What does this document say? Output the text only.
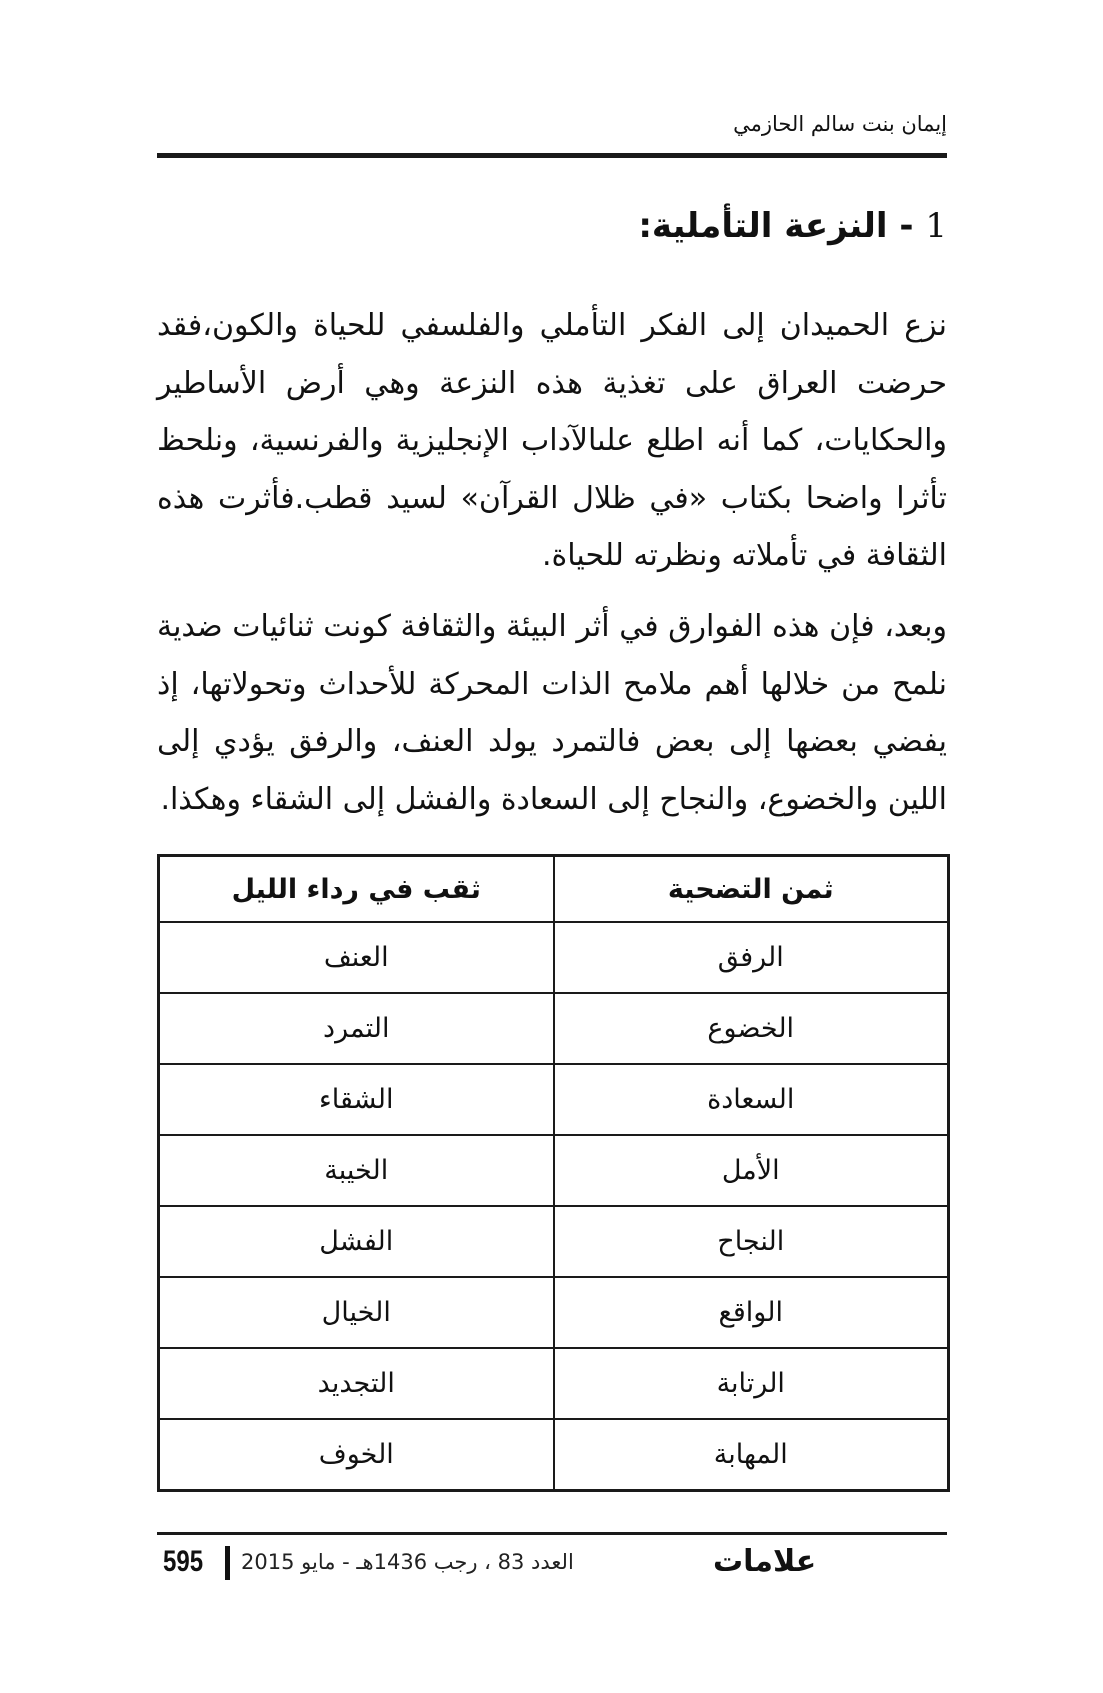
إيمان بنت سالم الحازمي
1 - النزعة التأملية:

نزع الحميدان إلى الفكر التأملي والفلسفي للحياة والكون،فقد حرضت العراق على تغذية هذه النزعة وهي أرض الأساطير والحكايات، كما أنه اطلع علىالآداب الإنجليزية والفرنسية، ونلحظ تأثرا واضحا بكتاب «في ظلال القرآن» لسيد قطب.فأثرت هذه الثقافة في تأملاته ونظرته للحياة.

وبعد، فإن هذه الفوارق في أثر البيئة والثقافة كونت ثنائيات ضدية نلمح من خلالها أهم ملامح الذات المحركة للأحداث وتحولاتها، إذ يفضي بعضها إلى بعض فالتمرد يولد العنف، والرفق يؤدي إلى اللين والخضوع، والنجاح إلى السعادة والفشل إلى الشقاء وهكذا.

ثمن التضحية	ثقب في رداء الليل
الرفق	العنف
الخضوع	التمرد
السعادة	الشقاء
الأمل	الخيبة
النجاح	الفشل
الواقع	الخيال
الرتابة	التجديد
المهابة	الخوف
595 العدد 83 ، رجب 1436هـ - مايو 2015	علامات
